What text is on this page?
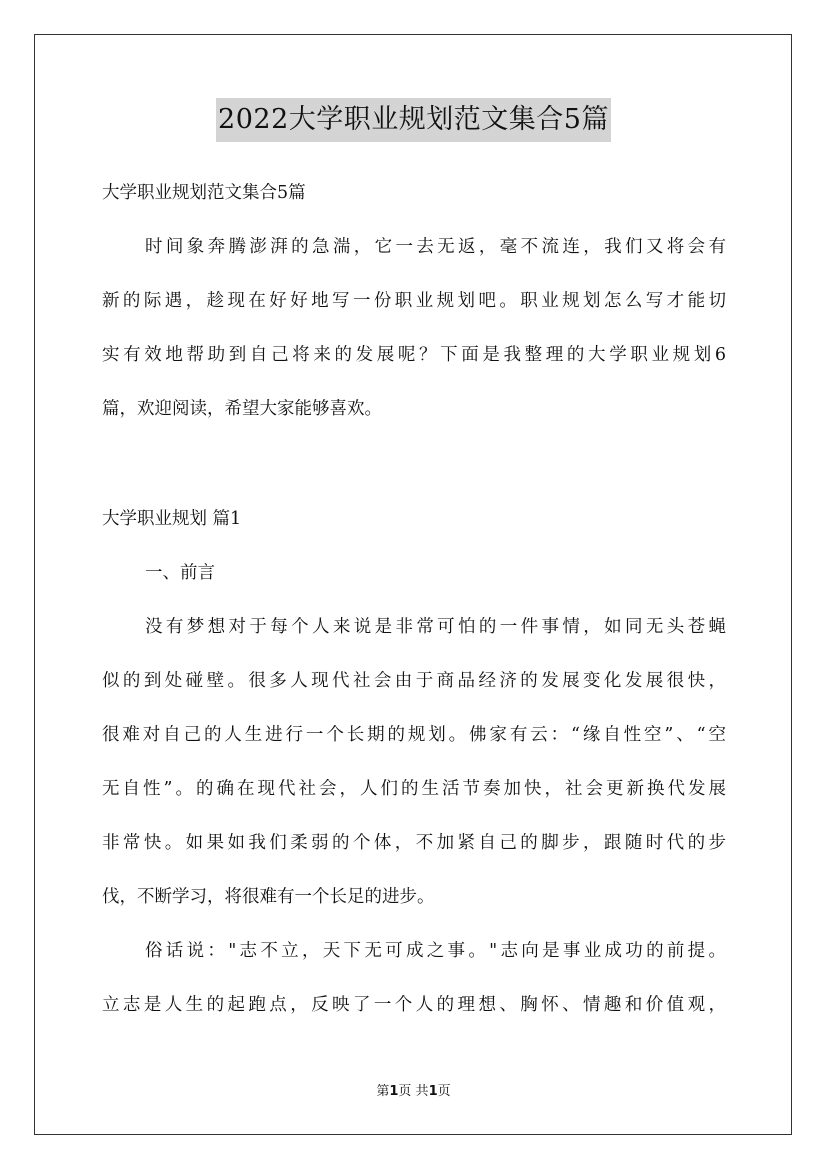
2022大学职业规划范文集合5篇
大学职业规划范文集合5篇
时间象奔腾澎湃的急湍，它一去无返，毫不流连，我们又将会有
新的际遇，趁现在好好地写一份职业规划吧。职业规划怎么写才能切
实有效地帮助到自己将来的发展呢？下面是我整理的大学职业规划6
篇，欢迎阅读，希望大家能够喜欢。
大学职业规划 篇1
一、前言
没有梦想对于每个人来说是非常可怕的一件事情，如同无头苍蝇
似的到处碰壁。很多人现代社会由于商品经济的发展变化发展很快，
很难对自己的人生进行一个长期的规划。佛家有云：“缘自性空”、“空
无自性”。的确在现代社会，人们的生活节奏加快，社会更新换代发展
非常快。如果如我们柔弱的个体，不加紧自己的脚步，跟随时代的步
伐，不断学习，将很难有一个长足的进步。
俗话说："志不立，天下无可成之事。"志向是事业成功的前提。
立志是人生的起跑点，反映了一个人的理想、胸怀、情趣和价值观，
第1页 共1页
